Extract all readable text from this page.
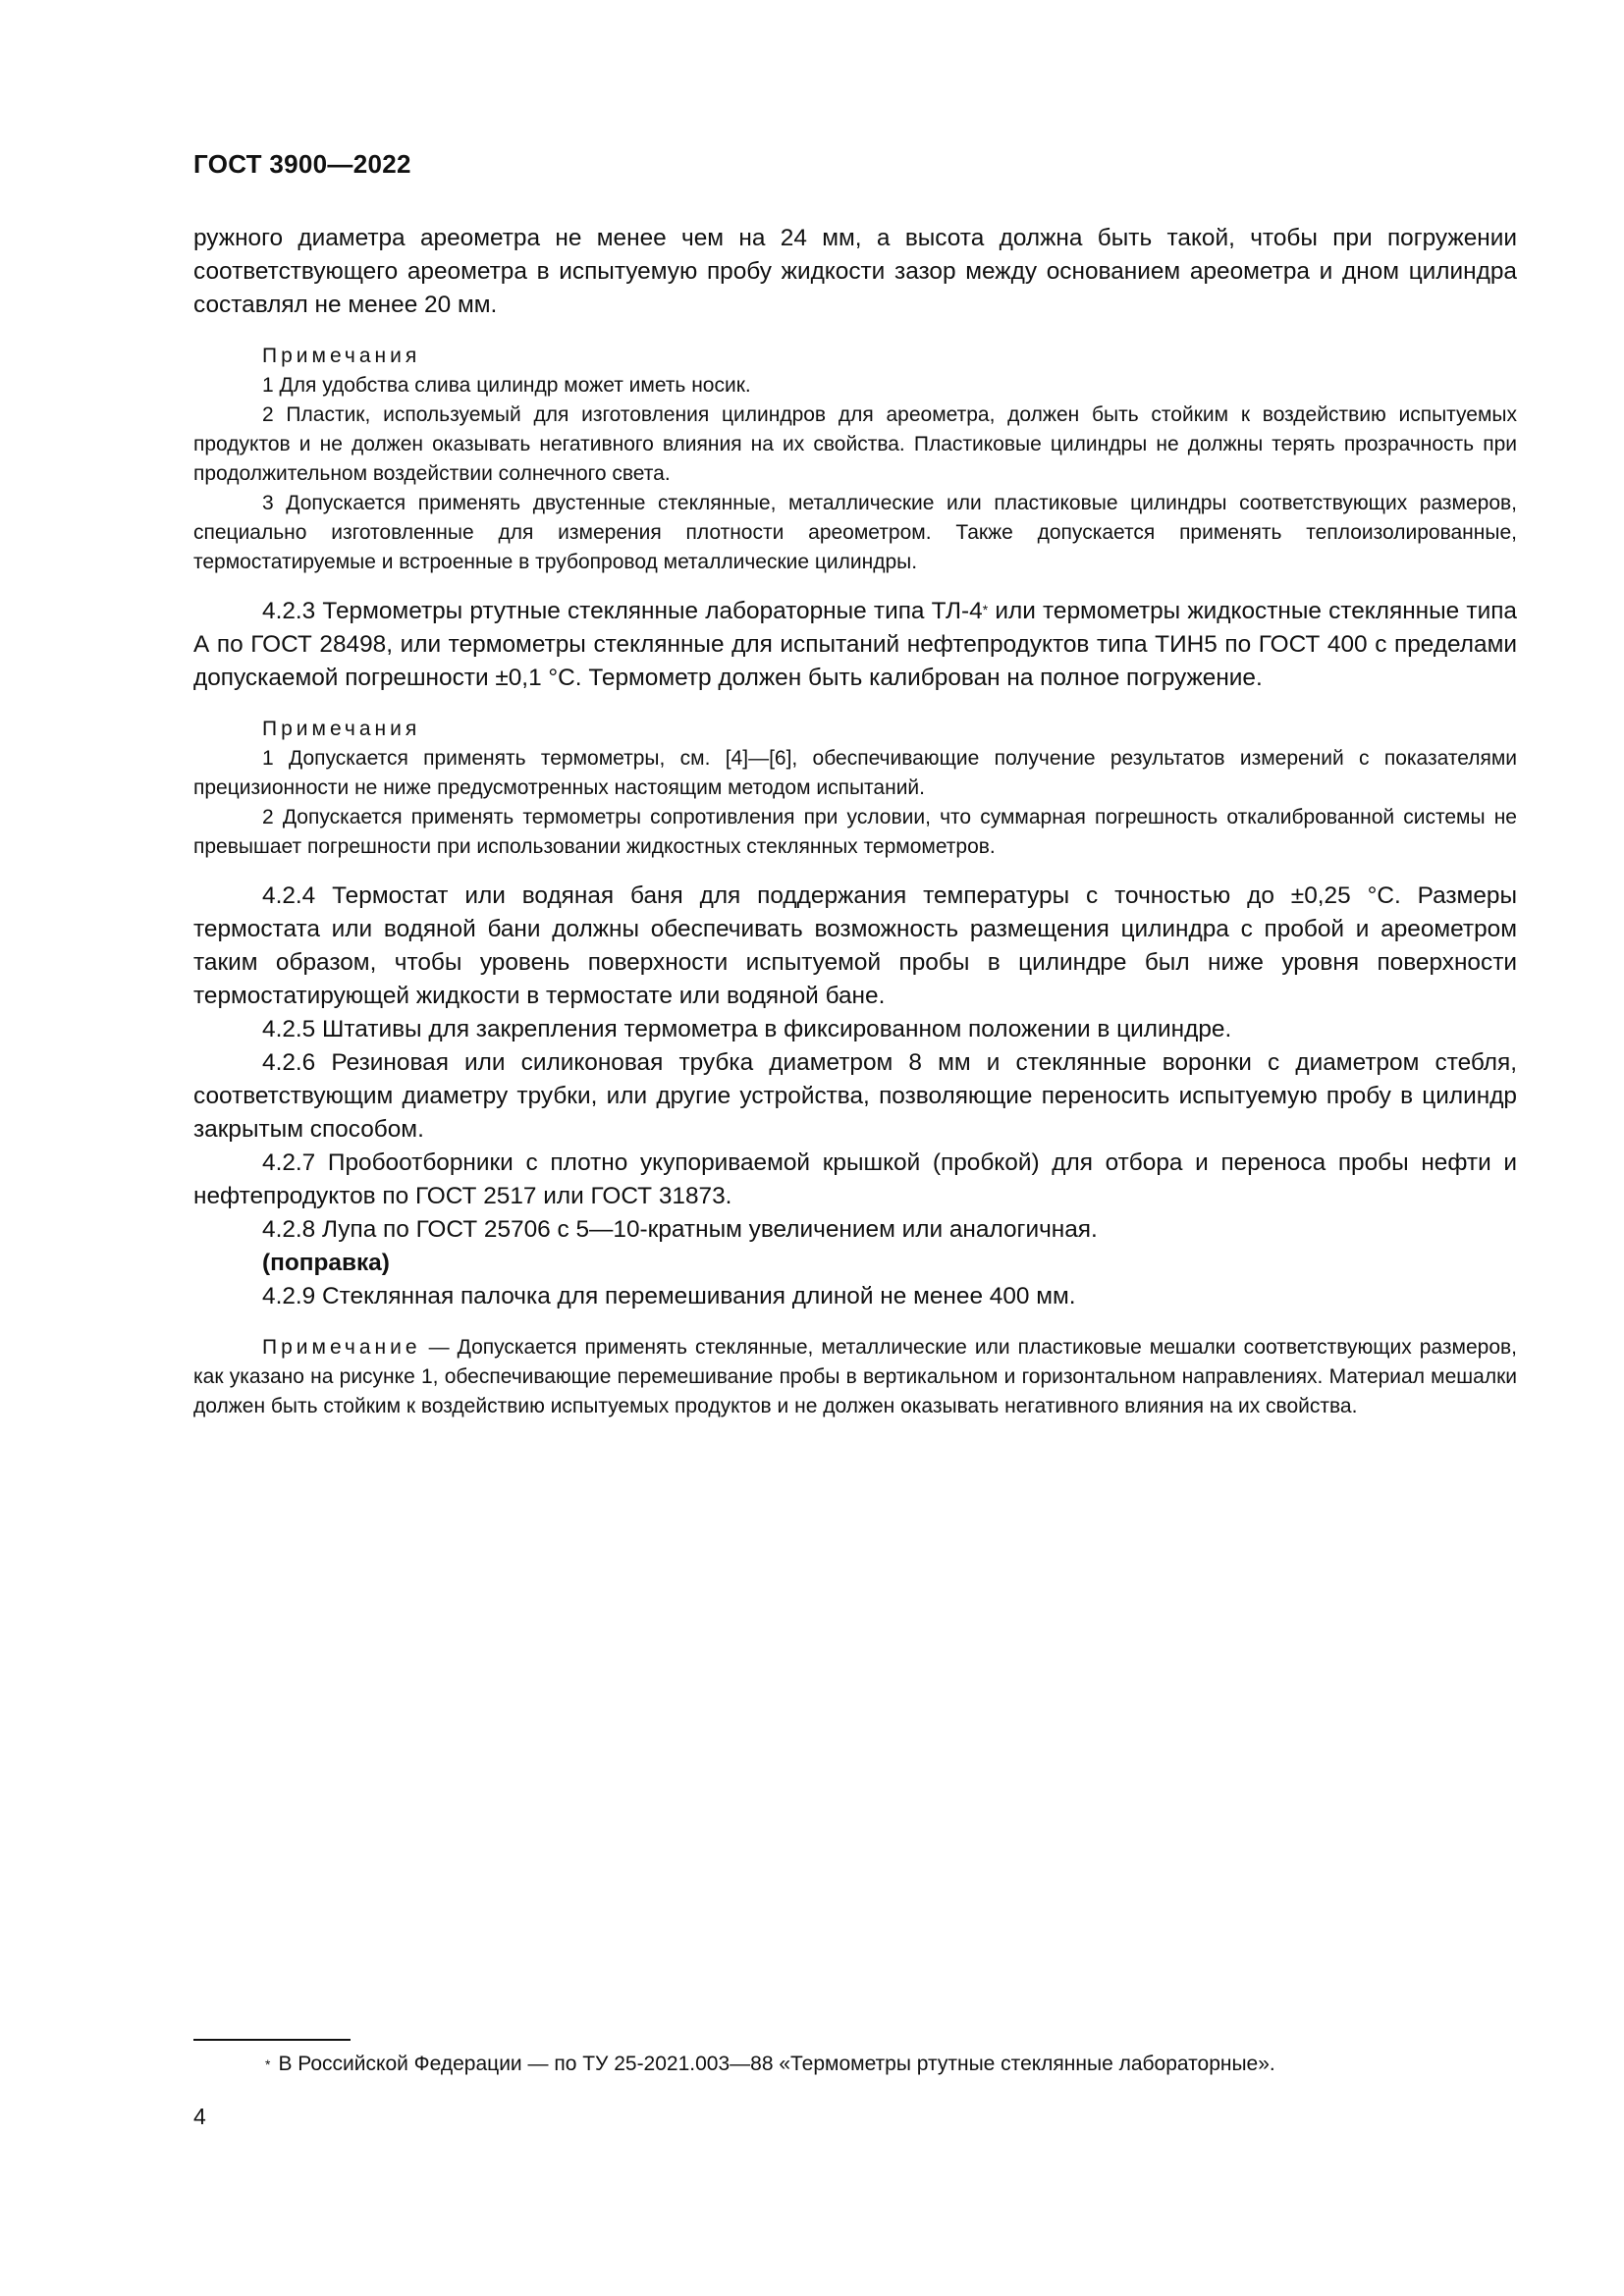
ГОСТ 3900—2022

ружного диаметра ареометра не менее чем на 24 мм, а высота должна быть такой, чтобы при погружении соответствующего ареометра в испытуемую пробу жидкости зазор между основанием ареометра и дном цилиндра составлял не менее 20 мм.

Примечания

1 Для удобства слива цилиндр может иметь носик.

2 Пластик, используемый для изготовления цилиндров для ареометра, должен быть стойким к воздействию испытуемых продуктов и не должен оказывать негативного влияния на их свойства. Пластиковые цилиндры не должны терять прозрачность при продолжительном воздействии солнечного света.

3 Допускается применять двустенные стеклянные, металлические или пластиковые цилиндры соответствующих размеров, специально изготовленные для измерения плотности ареометром. Также допускается применять теплоизолированные, термостатируемые и встроенные в трубопровод металлические цилиндры.

4.2.3 Термометры ртутные стеклянные лабораторные типа ТЛ-4* или термометры жидкостные стеклянные типа А по ГОСТ 28498, или термометры стеклянные для испытаний нефтепродуктов типа ТИН5 по ГОСТ 400 с пределами допускаемой погрешности ±0,1 °С. Термометр должен быть калиброван на полное погружение.

Примечания

1 Допускается применять термометры, см. [4]—[6], обеспечивающие получение результатов измерений с показателями прецизионности не ниже предусмотренных настоящим методом испытаний.

2 Допускается применять термометры сопротивления при условии, что суммарная погрешность откалиброванной системы не превышает погрешности при использовании жидкостных стеклянных термометров.

4.2.4 Термостат или водяная баня для поддержания температуры с точностью до ±0,25 °С. Размеры термостата или водяной бани должны обеспечивать возможность размещения цилиндра с пробой и ареометром таким образом, чтобы уровень поверхности испытуемой пробы в цилиндре был ниже уровня поверхности термостатирующей жидкости в термостате или водяной бане.

4.2.5 Штативы для закрепления термометра в фиксированном положении в цилиндре.

4.2.6 Резиновая или силиконовая трубка диаметром 8 мм и стеклянные воронки с диаметром стебля, соответствующим диаметру трубки, или другие устройства, позволяющие переносить испытуемую пробу в цилиндр закрытым способом.

4.2.7 Пробоотборники с плотно укупориваемой крышкой (пробкой) для отбора и переноса пробы нефти и нефтепродуктов по ГОСТ 2517 или ГОСТ 31873.

4.2.8 Лупа по ГОСТ 25706 с 5—10-кратным увеличением или аналогичная.

(поправка)

4.2.9 Стеклянная палочка для перемешивания длиной не менее 400 мм.

Примечание — Допускается применять стеклянные, металлические или пластиковые мешалки соответствующих размеров, как указано на рисунке 1, обеспечивающие перемешивание пробы в вертикальном и горизонтальном направлениях. Материал мешалки должен быть стойким к воздействию испытуемых продуктов и не должен оказывать негативного влияния на их свойства.

* В Российской Федерации — по ТУ 25-2021.003—88 «Термометры ртутные стеклянные лабораторные».
4
